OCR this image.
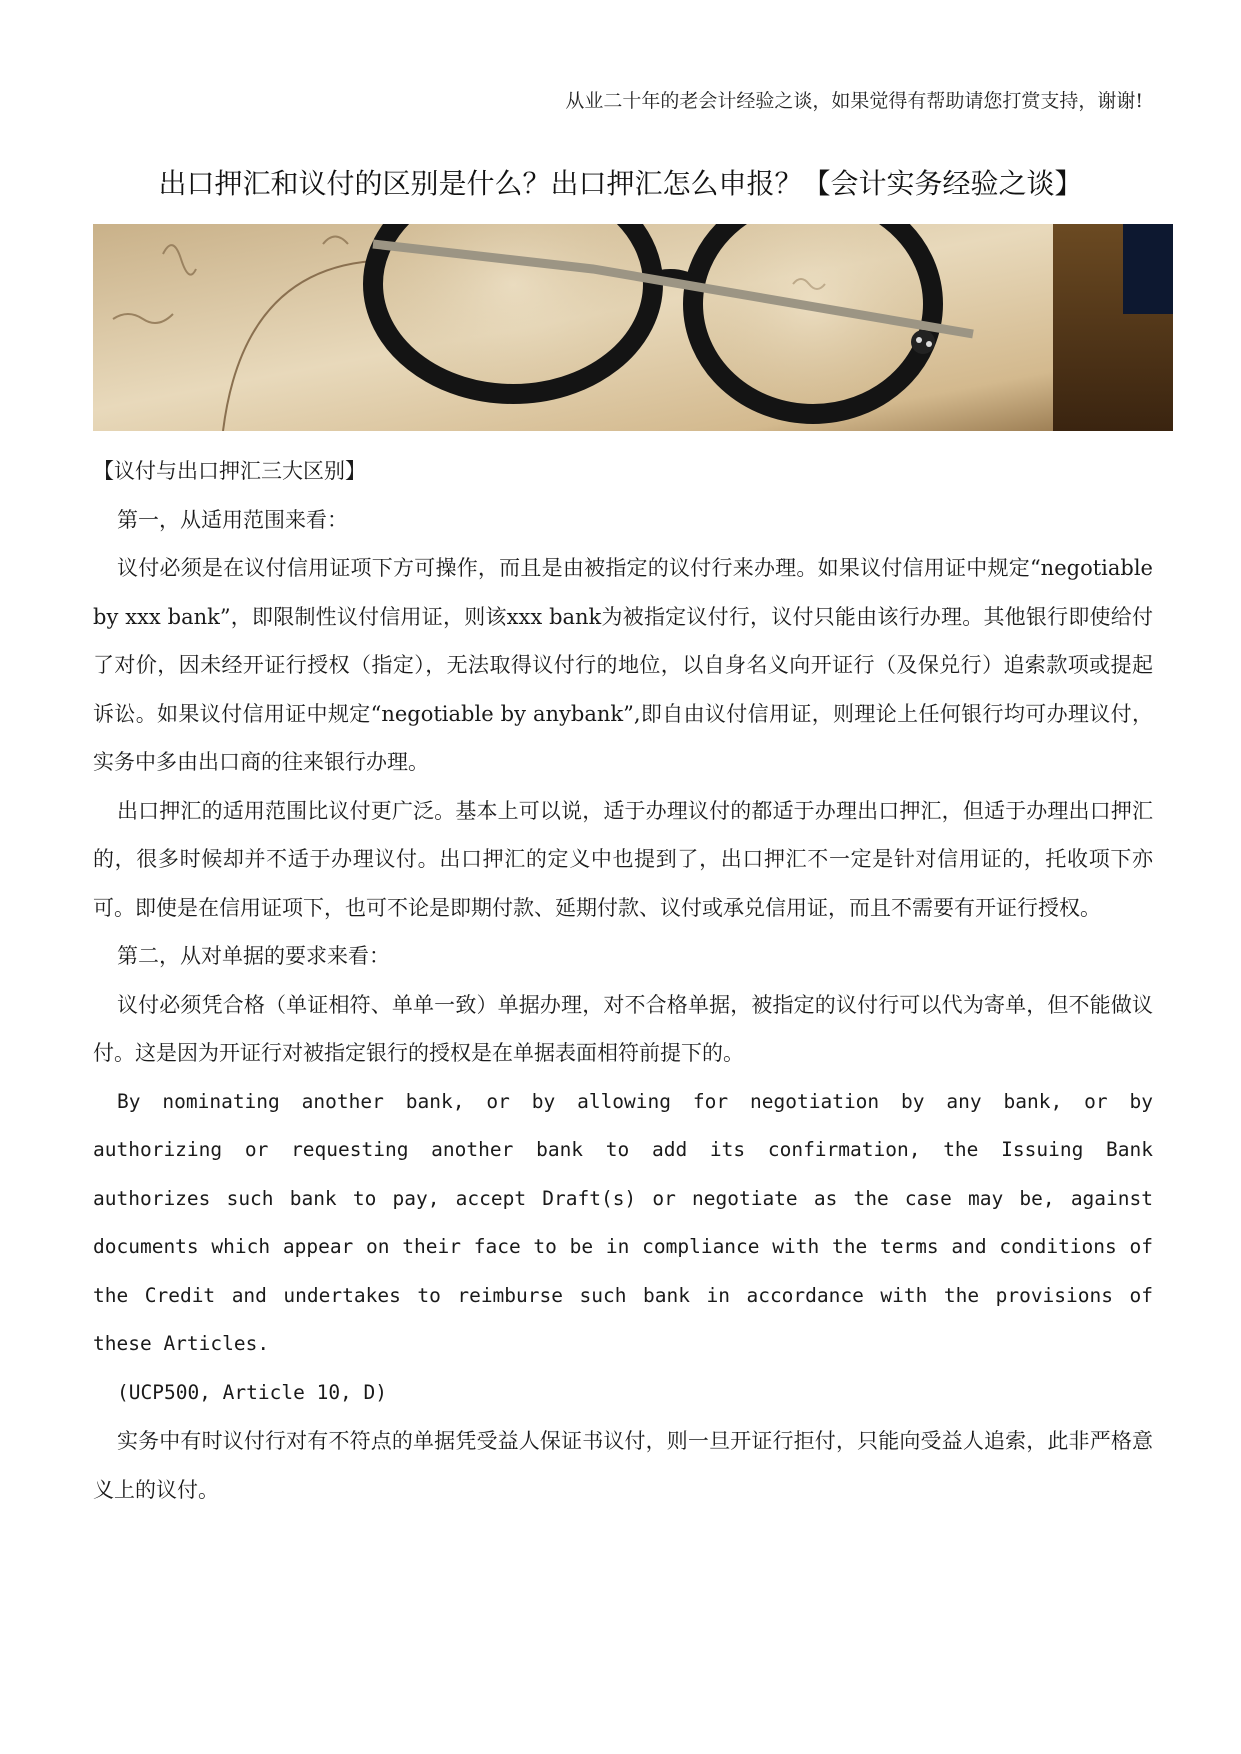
从业二十年的老会计经验之谈，如果觉得有帮助请您打赏支持，谢谢!
出口押汇和议付的区别是什么？出口押汇怎么申报？【会计实务经验之谈】

【议付与出口押汇三大区别】

第一，从适用范围来看：

议付必须是在议付信用证项下方可操作，而且是由被指定的议付行来办理。如果议付信用证中规定“negotiable by xxx bank”，即限制性议付信用证，则该xxx bank为被指定议付行，议付只能由该行办理。其他银行即使给付了对价，因未经开证行授权（指定），无法取得议付行的地位，以自身名义向开证行（及保兑行）追索款项或提起诉讼。如果议付信用证中规定“negotiable by anybank”,即自由议付信用证，则理论上任何银行均可办理议付，实务中多由出口商的往来银行办理。

出口押汇的适用范围比议付更广泛。基本上可以说，适于办理议付的都适于办理出口押汇，但适于办理出口押汇的，很多时候却并不适于办理议付。出口押汇的定义中也提到了，出口押汇不一定是针对信用证的，托收项下亦可。即使是在信用证项下，也可不论是即期付款、延期付款、议付或承兑信用证，而且不需要有开证行授权。

第二，从对单据的要求来看：

议付必须凭合格（单证相符、单单一致）单据办理，对不合格单据，被指定的议付行可以代为寄单，但不能做议付。这是因为开证行对被指定银行的授权是在单据表面相符前提下的。

By nominating another bank, or by allowing for negotiation by any bank, or by authorizing or requesting another bank to add its confirmation, the Issuing Bank authorizes such bank to pay, accept Draft(s) or negotiate as the case may be, against documents which appear on their face to be in compliance with the terms and conditions of the Credit and undertakes to reimburse such bank in accordance with the provisions of these Articles.

(UCP500, Article 10, D)

实务中有时议付行对有不符点的单据凭受益人保证书议付，则一旦开证行拒付，只能向受益人追索，此非严格意义上的议付。
